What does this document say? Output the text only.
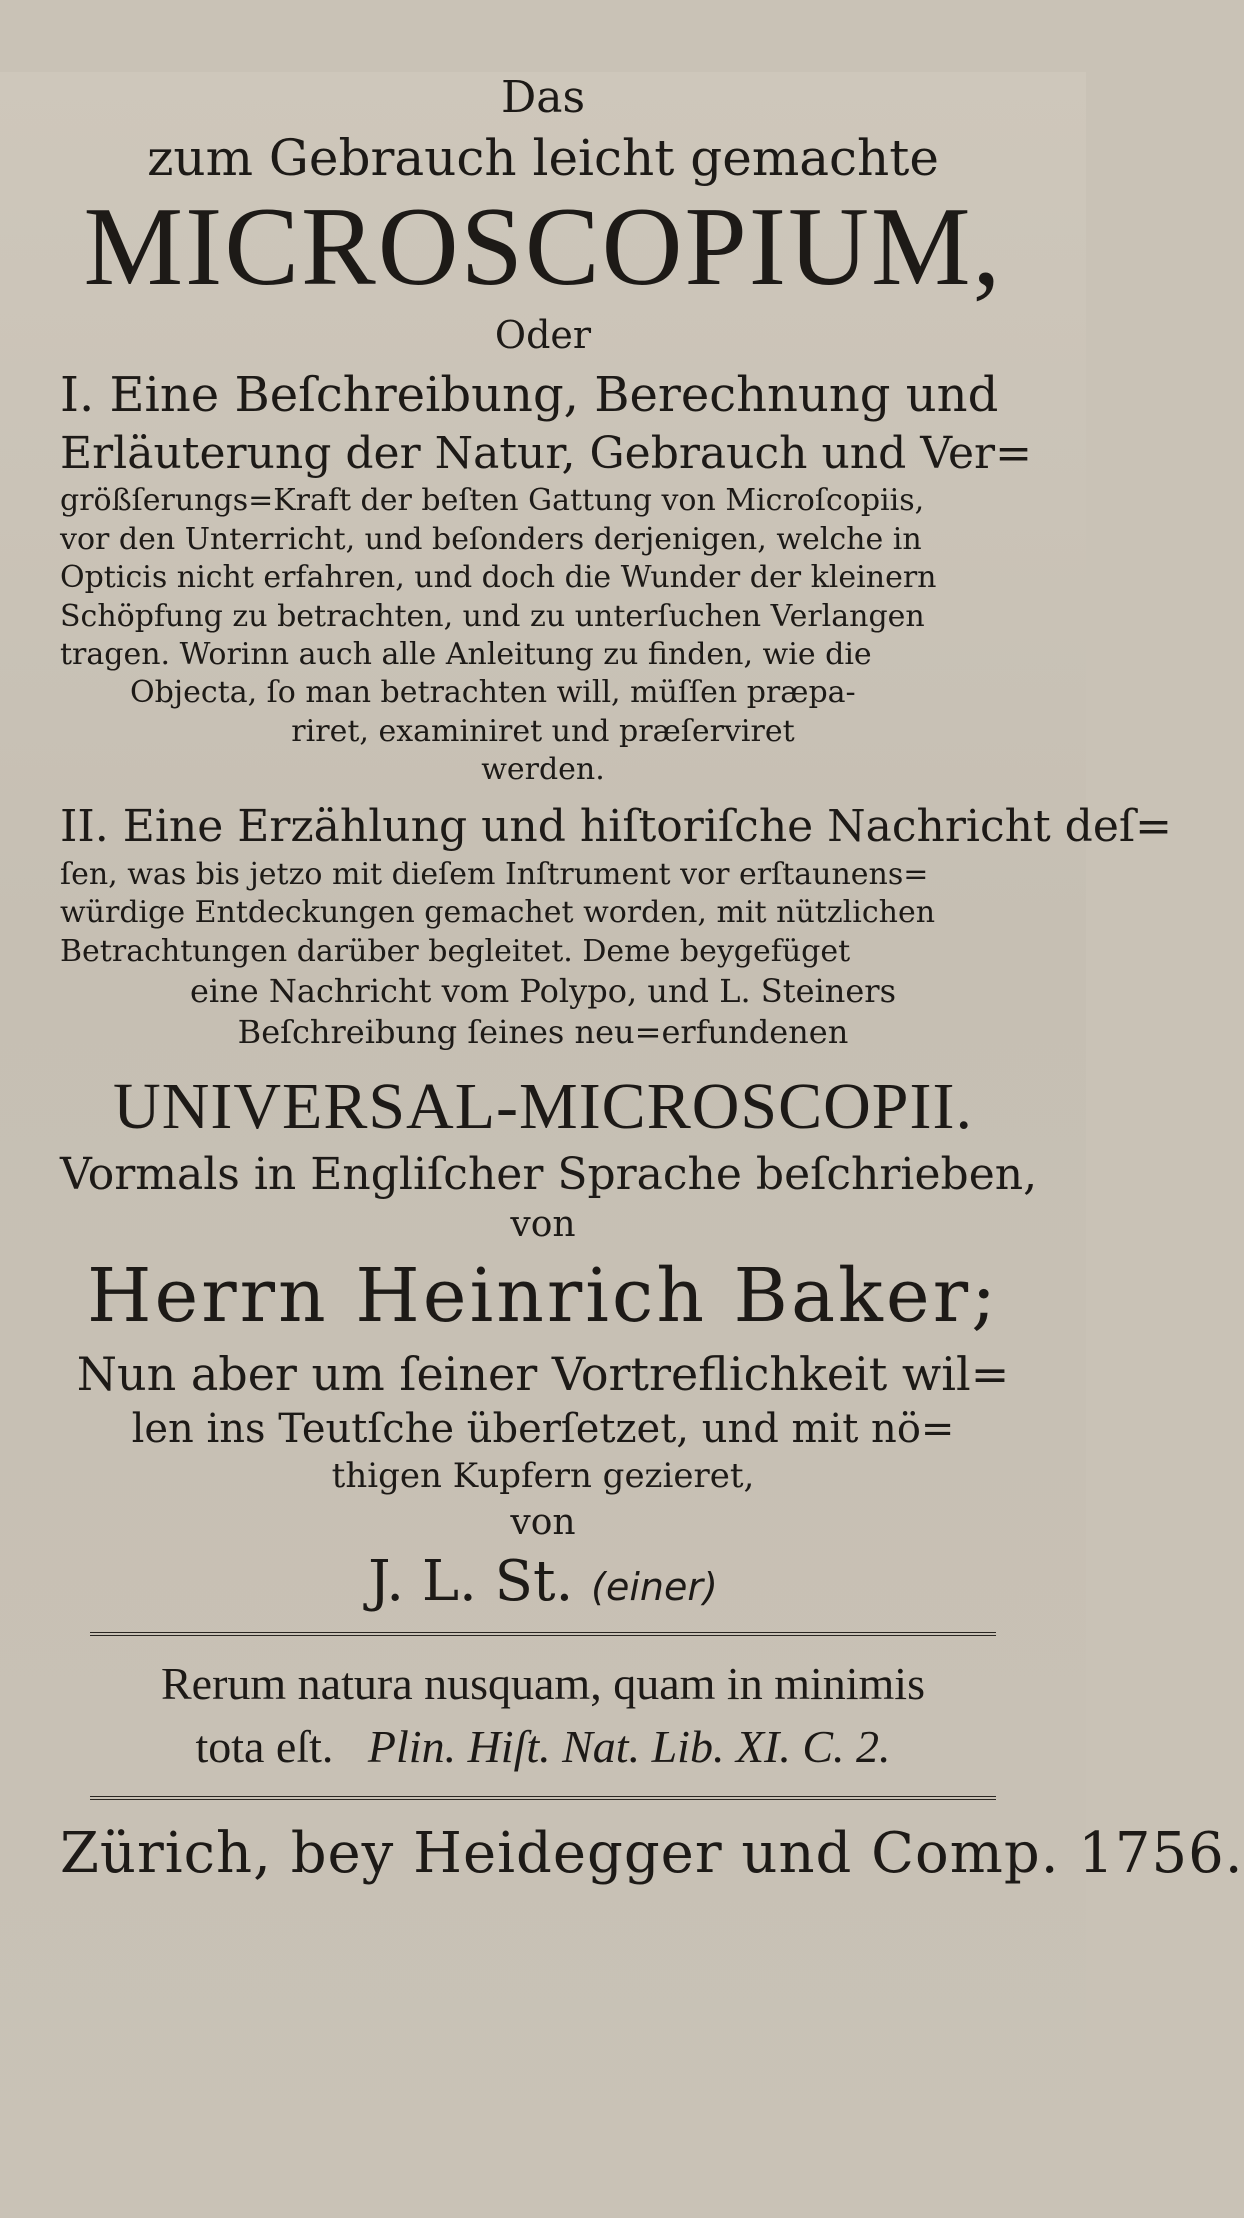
Das
zum Gebrauch leicht gemachte
MICROSCOPIUM,
Oder
I. Eine Beſchreibung, Berechnung und
Erläuterung der Natur, Gebrauch und Ver=
größſerungs=Kraft der beſten Gattung von Microſcopiis,
vor den Unterricht, und beſonders derjenigen, welche in
Opticis nicht erfahren, und doch die Wunder der kleinern
Schöpfung zu betrachten, und zu unterſuchen Verlangen
tragen. Worinn auch alle Anleitung zu finden, wie die
Objecta, ſo man betrachten will, müſſen præpa-
riret, examiniret und præſerviret
werden.
II. Eine Erzählung und hiſtoriſche Nachricht deſ=
ſen, was bis jetzo mit dieſem Inſtrument vor erſtaunens=
würdige Entdeckungen gemachet worden, mit nützlichen
Betrachtungen darüber begleitet. Deme beygefüget
eine Nachricht vom Polypo, und L. Steiners
Beſchreibung ſeines neu=erfundenen
UNIVERSAL-MICROSCOPII.
Vormals in Engliſcher Sprache beſchrieben,
von
Herrn Heinrich Baker;
Nun aber um ſeiner Vortreflichkeit wil=
len ins Teutſche überſetzet, und mit nö=
thigen Kupfern gezieret,
von
J. L. St. (einer)
Rerum natura nusquam, quam in minimis
tota eſt. Plin. Hiſt. Nat. Lib. XI. C. 2.
Zürich, bey Heidegger und Comp. 1756.
